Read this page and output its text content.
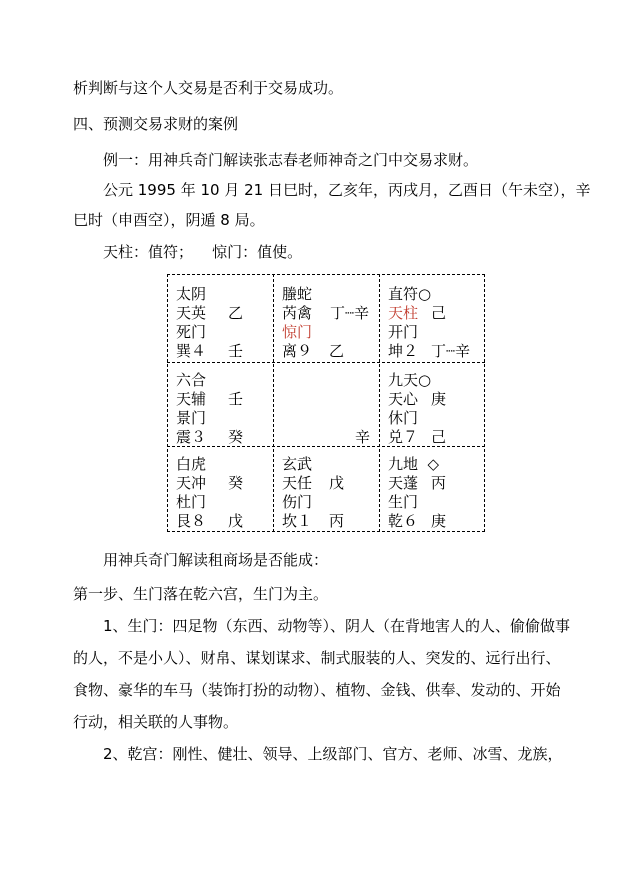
析判断与这个人交易是否利于交易成功。
四、预测交易求财的案例
例一：用神兵奇门解读张志春老师神奇之门中交易求财。
公元 1995 年 10 月 21 日巳时，乙亥年，丙戌月，乙酉日（午未空），辛
巳时（申酉空），阴遁 8 局。
天柱：值符；    惊门：值使。
太阴
天英 乙
死门
巽４ 壬
螣蛇
芮禽 丁┈辛
惊门
离９ 乙
直符○
天柱 己
开门
坤２ 丁┈辛
六合
天辅 壬
景门
震３ 癸	辛
九天○
天心 庚
休门
兑７ 己
白虎
天冲 癸
杜门
艮８ 戊
玄武
天任 戊
伤门
坎１ 丙
九地  ◇
天蓬 丙
生门
乾６ 庚
用神兵奇门解读租商场是否能成：
第一步、生门落在乾六宫，生门为主。
1、生门：四足物（东西、动物等）、阴人（在背地害人的人、偷偷做事
的人，不是小人）、财帛、谋划谋求、制式服装的人、突发的、远行出行、
食物、豪华的车马（装饰打扮的动物）、植物、金钱、供奉、发动的、开始
行动，相关联的人事物。
2、乾宫：刚性、健壮、领导、上级部门、官方、老师、冰雪、龙族，
